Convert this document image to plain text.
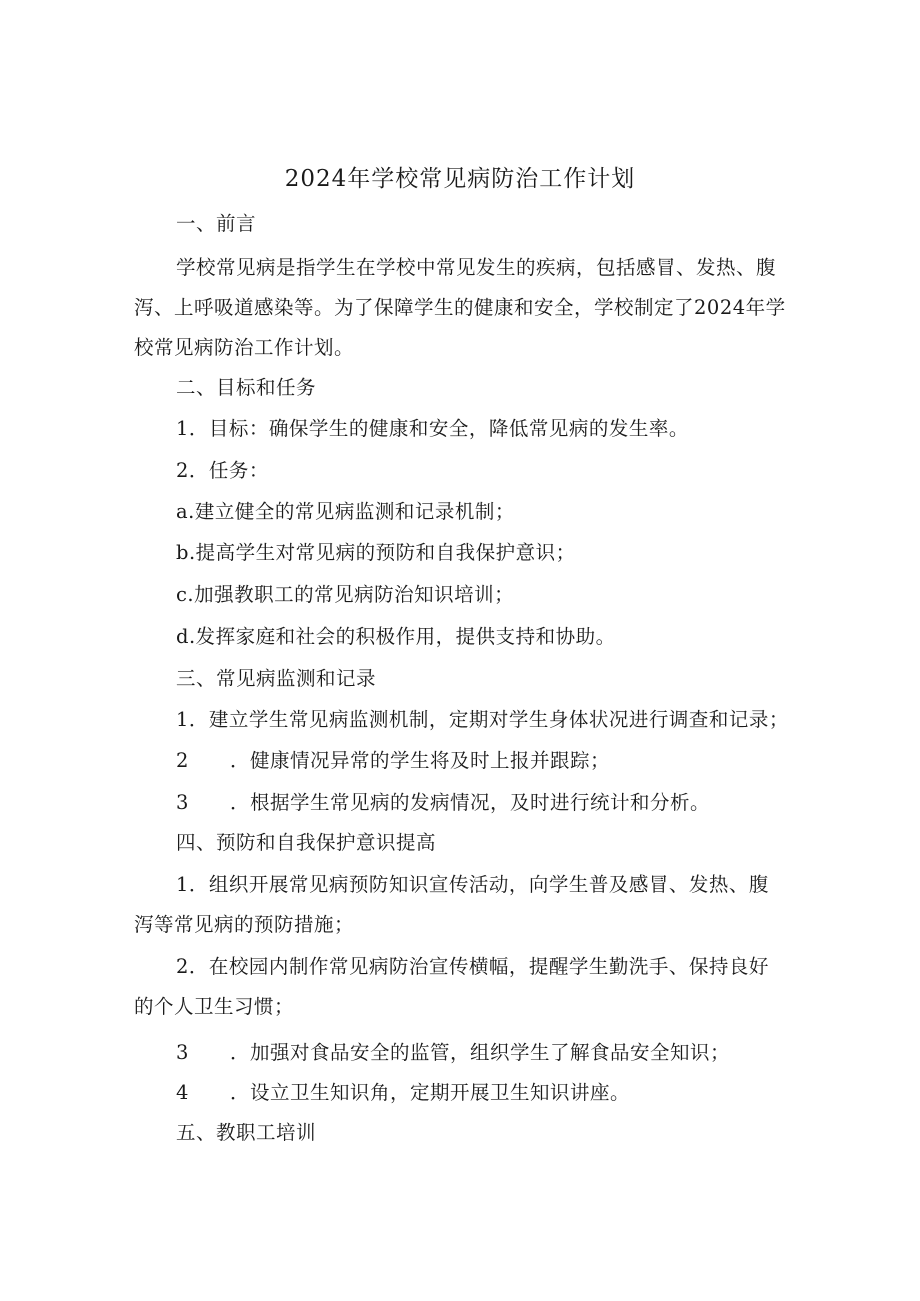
2024年学校常见病防治工作计划
一、前言
学校常见病是指学生在学校中常见发生的疾病，包括感冒、发热、腹
泻、上呼吸道感染等。为了保障学生的健康和安全，学校制定了2024年学
校常见病防治工作计划。
二、目标和任务
1．目标：确保学生的健康和安全，降低常见病的发生率。
2．任务：
a.建立健全的常见病监测和记录机制；
b.提高学生对常见病的预防和自我保护意识；
c.加强教职工的常见病防治知识培训；
d.发挥家庭和社会的积极作用，提供支持和协助。
三、常见病监测和记录
1．建立学生常见病监测机制，定期对学生身体状况进行调查和记录；
2 ．健康情况异常的学生将及时上报并跟踪；
3 ．根据学生常见病的发病情况，及时进行统计和分析。
四、预防和自我保护意识提高
1．组织开展常见病预防知识宣传活动，向学生普及感冒、发热、腹
泻等常见病的预防措施；
2．在校园内制作常见病防治宣传横幅，提醒学生勤洗手、保持良好
的个人卫生习惯；
3 ．加强对食品安全的监管，组织学生了解食品安全知识；
4 ．设立卫生知识角，定期开展卫生知识讲座。
五、教职工培训
